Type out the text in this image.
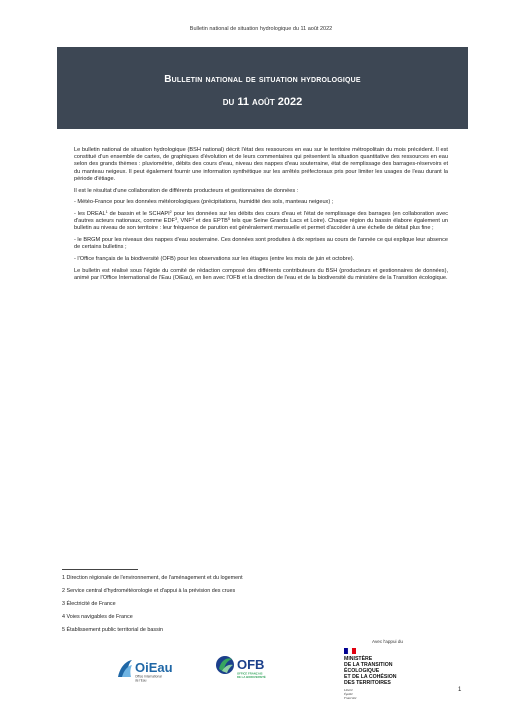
Bulletin national de situation hydrologique du 11 août 2022
Bulletin national de situation hydrologique
du 11 août 2022

Le bulletin national de situation hydrologique (BSH national) décrit l'état des ressources en eau sur le territoire métropolitain du mois précédent. Il est constitué d'un ensemble de cartes, de graphiques d'évolution et de leurs commentaires qui présentent la situation quantitative des ressources en eau selon des grands thèmes : pluviométrie, débits des cours d'eau, niveau des nappes d'eau souterraine, état de remplissage des barrages-réservoirs et du manteau neigeux. Il peut également fournir une information synthétique sur les arrêtés préfectoraux pris pour limiter les usages de l'eau durant la période d'étiage.

Il est le résultat d'une collaboration de différents producteurs et gestionnaires de données :

- Météo-France pour les données météorologiques (précipitations, humidité des sols, manteau neigeux) ;

- les DREAL$^1$ de bassin et le SCHAPI$^2$ pour les données sur les débits des cours d'eau et l'état de remplissage des barrages (en collaboration avec d'autres acteurs nationaux, comme EDF$^3$, VNF$^4$ et des EPTB$^5$ tels que Seine Grands Lacs et Loire). Chaque région du bassin élabore également un bulletin au niveau de son territoire : leur fréquence de parution est généralement mensuelle et permet d'accéder à une échelle de détail plus fine ;

- le BRGM pour les niveaux des nappes d'eau souterraine. Ces données sont produites à dix reprises au cours de l'année ce qui explique leur absence de certains bulletins ;

- l'Office français de la biodiversité (OFB) pour les observations sur les étiages (entre les mois de juin et octobre).

Le bulletin est réalisé sous l'égide du comité de rédaction composé des différents contributeurs du BSH (producteurs et gestionnaires de données), animé par l'Office International de l'Eau (OiEau), en lien avec l'OFB et la direction de l'eau et de la biodiversité du ministère de la Transition écologique.

1 Direction régionale de l'environnement, de l'aménagement et du logement
2 Service central d'hydrométéorologie et d'appui à la prévision des crues
3 Électricité de France
4 Voies navigables de France
5 Établissement public territorial de bassin
Avec l'appui du
OiEau
Office International
de l'Eau
OFB
OFFICE FRANÇAIS
DE LA BIODIVERSITÉ
MINISTÈRE
DE LA TRANSITION
ÉCOLOGIQUE
ET DE LA COHÉSION
DES TERRITOIRES
Liberté
Égalité
Fraternité
1
